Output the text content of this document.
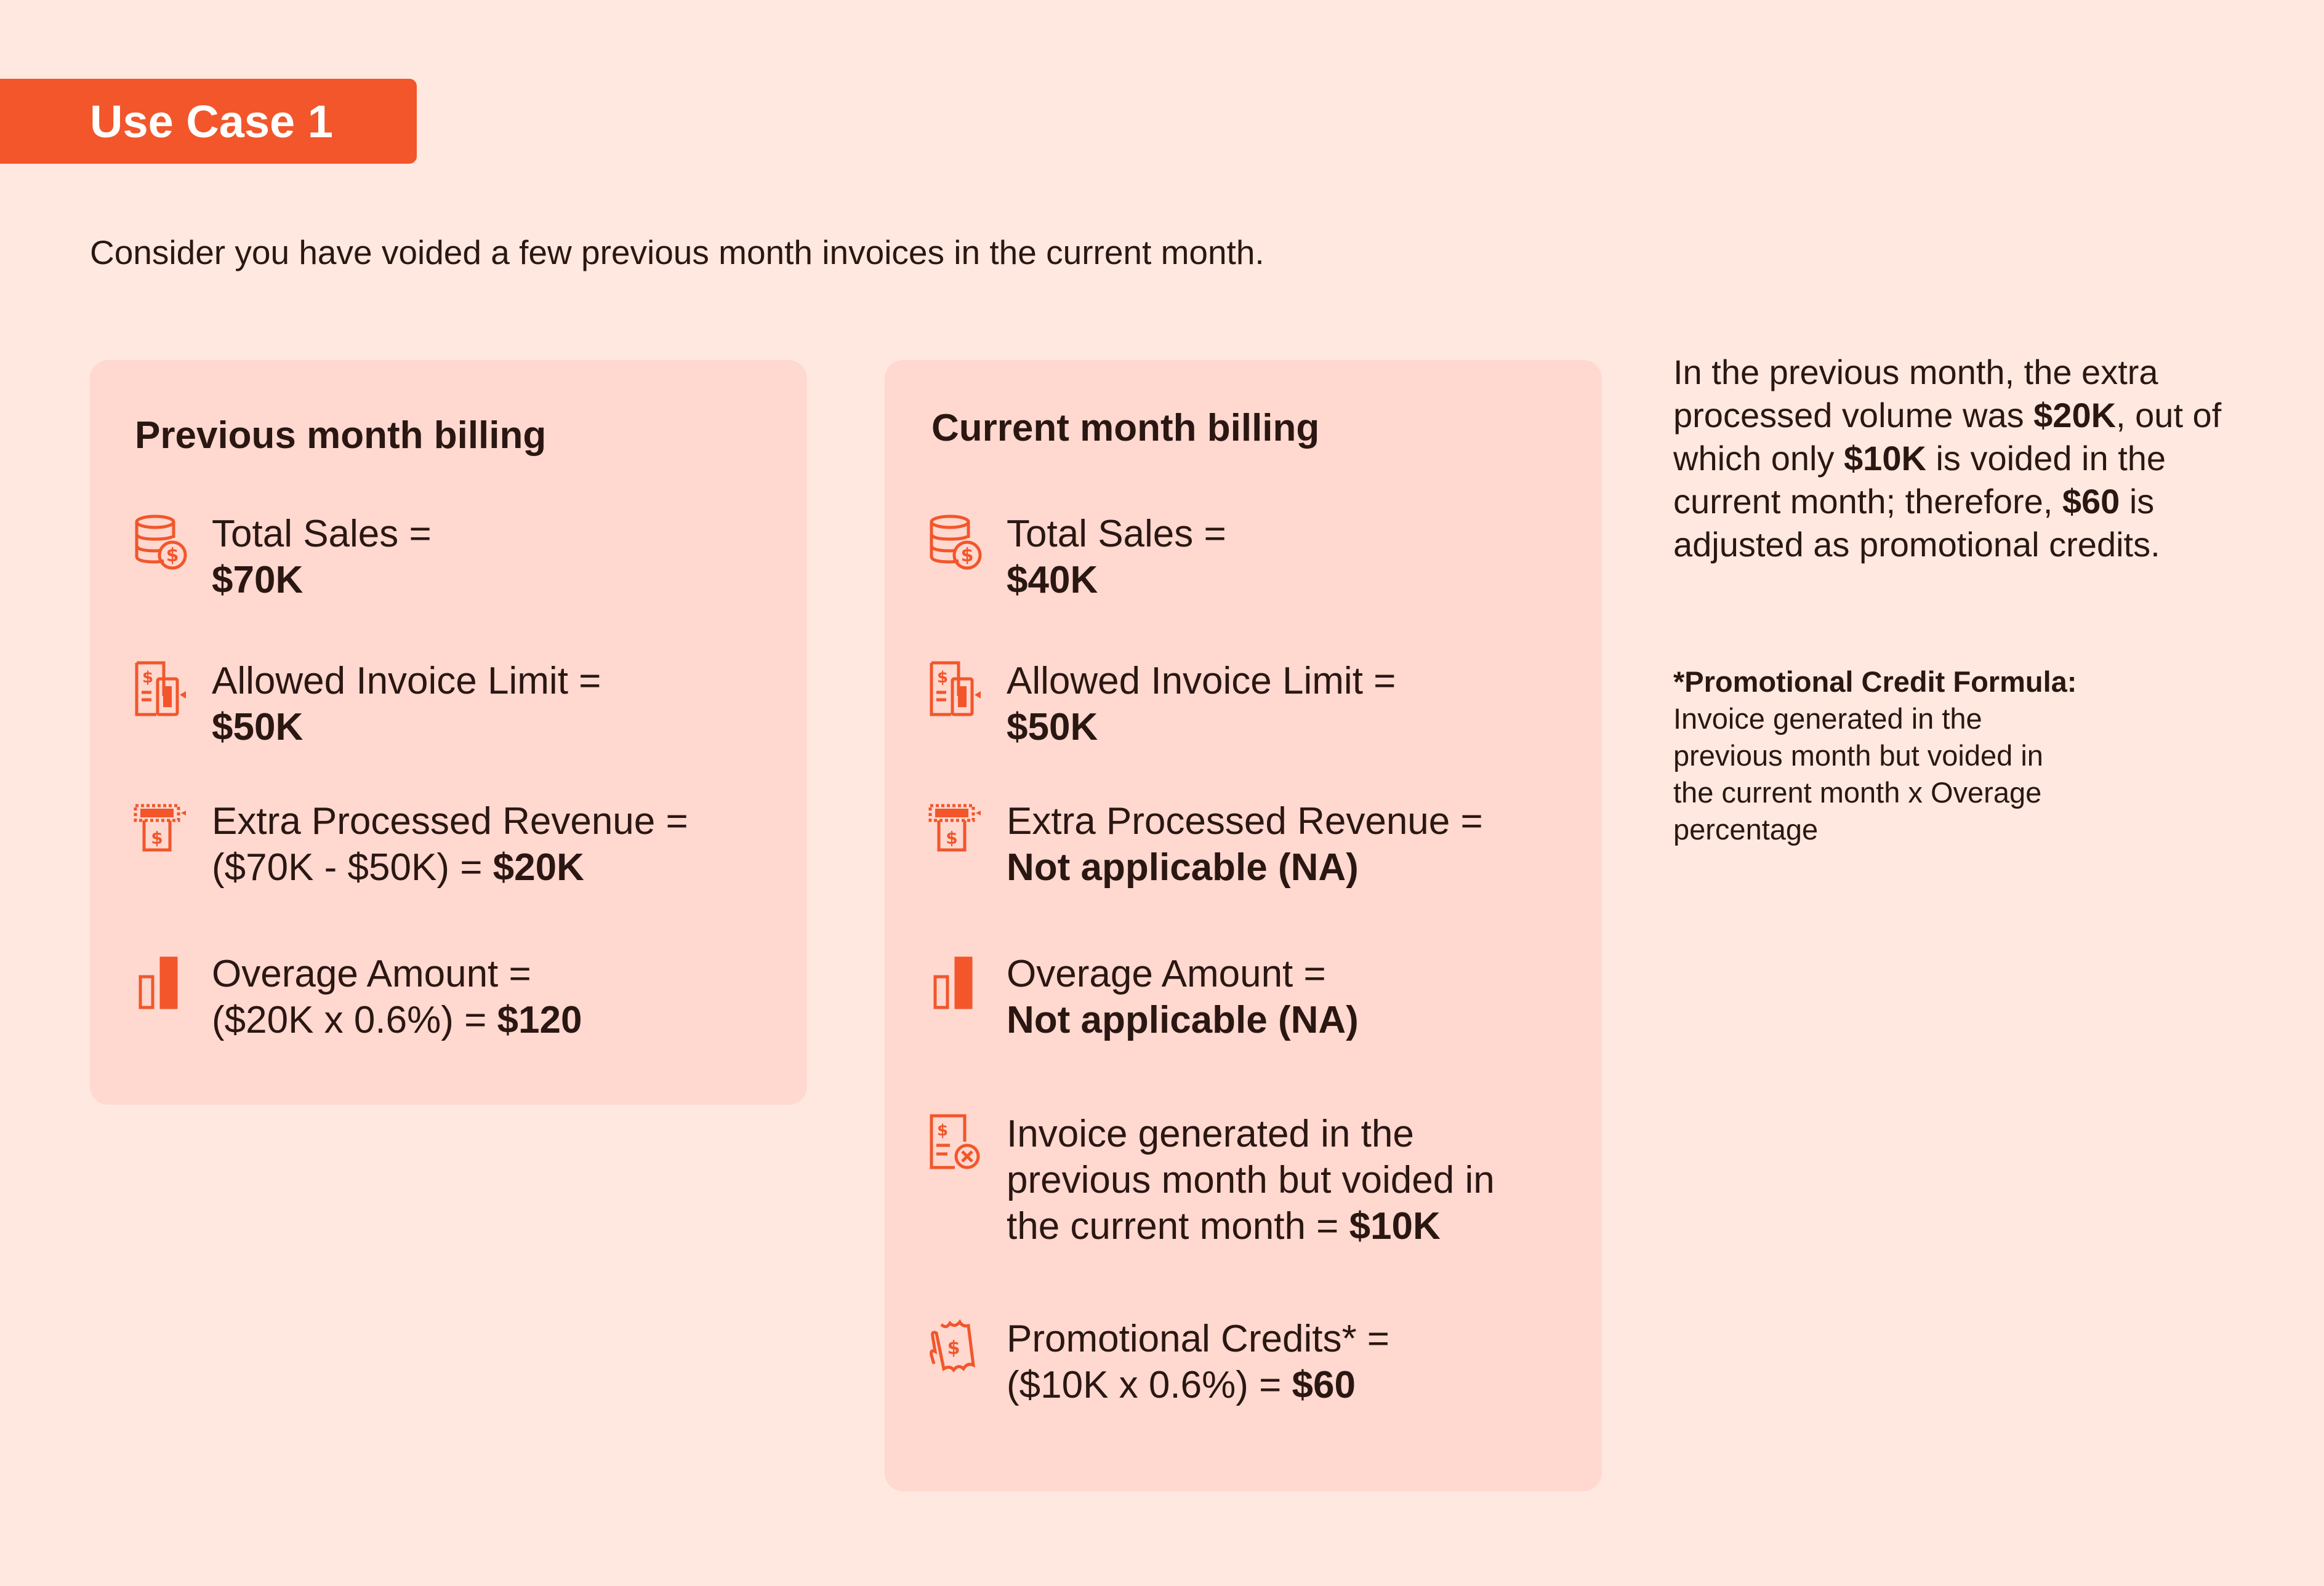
Use Case 1
Consider you have voided a few previous month invoices in the current month.
Previous month billing
$
Total Sales =
$70K
$ Allowed Invoice Limit =
$50K
$ Extra Processed Revenue =
($70K - $50K) = $20K
Overage Amount =
($20K x 0.6%) = $120
Current month billing
$
Total Sales =
$40K
$ Allowed Invoice Limit =
$50K
$ Extra Processed Revenue =
Not applicable (NA)
Overage Amount =
Not applicable (NA)
$ Invoice generated in the
previous month but voided in
the current month = $10K
$ Promotional Credits* =
($10K x 0.6%) = $60
In the previous month, the extra processed volume was $20K, out of which only $10K is voided in the current month; therefore, $60 is adjusted as promotional credits.
*Promotional Credit Formula:
Invoice generated in the
previous month but voided in
the current month x Overage
percentage
